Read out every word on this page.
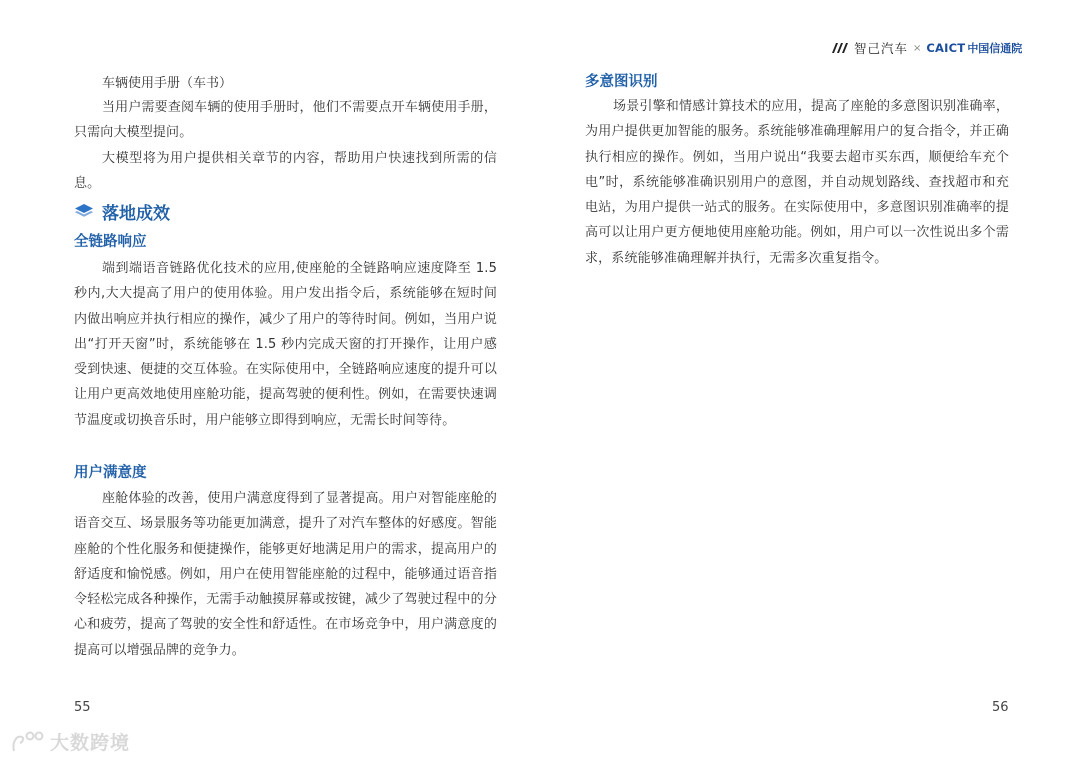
车辆使用手册（车书）

当用户需要查阅车辆的使用手册时，他们不需要点开车辆使用手册，只需向大模型提问。

大模型将为用户提供相关章节的内容，帮助用户快速找到所需的信息。

落地成效
全链路响应

端到端语音链路优化技术的应用,使座舱的全链路响应速度降至 1.5 秒内,大大提高了用户的使用体验。用户发出指令后，系统能够在短时间内做出响应并执行相应的操作，减少了用户的等待时间。例如，当用户说出“打开天窗”时，系统能够在 1.5 秒内完成天窗的打开操作，让用户感受到快速、便捷的交互体验。在实际使用中，全链路响应速度的提升可以让用户更高效地使用座舱功能，提高驾驶的便利性。例如，在需要快速调节温度或切换音乐时，用户能够立即得到响应，无需长时间等待。

用户满意度

座舱体验的改善，使用户满意度得到了显著提高。用户对智能座舱的语音交互、场景服务等功能更加满意，提升了对汽车整体的好感度。智能座舱的个性化服务和便捷操作，能够更好地满足用户的需求，提高用户的舒适度和愉悦感。例如，用户在使用智能座舱的过程中，能够通过语音指令轻松完成各种操作，无需手动触摸屏幕或按键，减少了驾驶过程中的分心和疲劳，提高了驾驶的安全性和舒适性。在市场竞争中，用户满意度的提高可以增强品牌的竞争力。

55
智己汽车 × CAICT 中国信通院
多意图识别

场景引擎和情感计算技术的应用，提高了座舱的多意图识别准确率，为用户提供更加智能的服务。系统能够准确理解用户的复合指令，并正确执行相应的操作。例如，当用户说出“我要去超市买东西，顺便给车充个电”时，系统能够准确识别用户的意图，并自动规划路线、查找超市和充电站，为用户提供一站式的服务。在实际使用中，多意图识别准确率的提高可以让用户更方便地使用座舱功能。例如，用户可以一次性说出多个需求，系统能够准确理解并执行，无需多次重复指令。

56
大数跨境
